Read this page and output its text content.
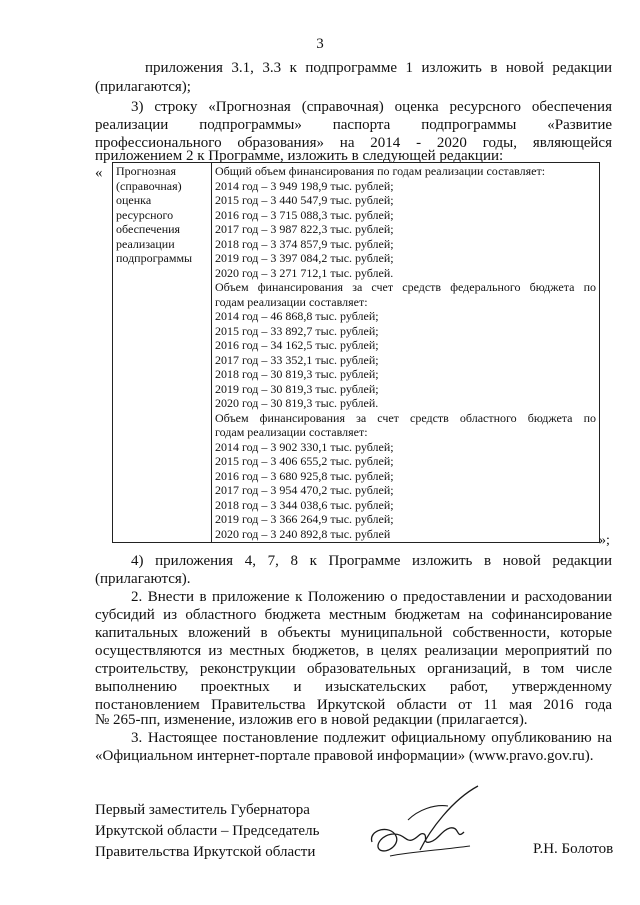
3
приложения 3.1, 3.3 к подпрограмме 1 изложить в новой редакции
(прилагаются);
3) строку «Прогнозная (справочная) оценка ресурсного обеспечения
реализации подпрограммы» паспорта подпрограммы «Развитие
профессионального образования» на 2014 - 2020 годы, являющейся
приложением 2 к Программе, изложить в следующей редакции:
« Прогнозная
(справочная)
оценка
ресурсного
обеспечения
реализации
подпрограммы

Общий объем финансирования по годам реализации составляет:
2014 год – 3 949 198,9 тыс. рублей;
2015 год – 3 440 547,9 тыс. рублей;
2016 год – 3 715 088,3 тыс. рублей;
2017 год – 3 987 822,3 тыс. рублей;
2018 год – 3 374 857,9 тыс. рублей;
2019 год – 3 397 084,2 тыс. рублей;
2020 год – 3 271 712,1 тыс. рублей.
Объем финансирования за счет средств федерального бюджета по
годам реализации составляет:
2014 год – 46 868,8 тыс. рублей;
2015 год – 33 892,7 тыс. рублей;
2016 год – 34 162,5 тыс. рублей;
2017 год – 33 352,1 тыс. рублей;
2018 год – 30 819,3 тыс. рублей;
2019 год – 30 819,3 тыс. рублей;
2020 год – 30 819,3 тыс. рублей.
Объем финансирования за счет средств областного бюджета по
годам реализации составляет:
2014 год – 3 902 330,1 тыс. рублей;
2015 год – 3 406 655,2 тыс. рублей;
2016 год – 3 680 925,8 тыс. рублей;
2017 год – 3 954 470,2 тыс. рублей;
2018 год – 3 344 038,6 тыс. рублей;
2019 год – 3 366 264,9 тыс. рублей;
2020 год – 3 240 892,8 тыс. рублей	»;
4) приложения 4, 7, 8 к Программе изложить в новой редакции
(прилагаются).
2. Внести в приложение к Положению о предоставлении и расходовании
субсидий из областного бюджета местным бюджетам на софинансирование
капитальных вложений в объекты муниципальной собственности, которые
осуществляются из местных бюджетов, в целях реализации мероприятий по
строительству, реконструкции образовательных организаций, в том числе
выполнению проектных и изыскательских работ, утвержденному
постановлением Правительства Иркутской области от 11 мая 2016 года
№ 265-пп, изменение, изложив его в новой редакции (прилагается).
3. Настоящее постановление подлежит официальному опубликованию на
«Официальном интернет-портале правовой информации» (www.pravo.gov.ru).
Первый заместитель Губернатора
Иркутской области – Председатель
Правительства Иркутской области	Р.Н. Болотов
